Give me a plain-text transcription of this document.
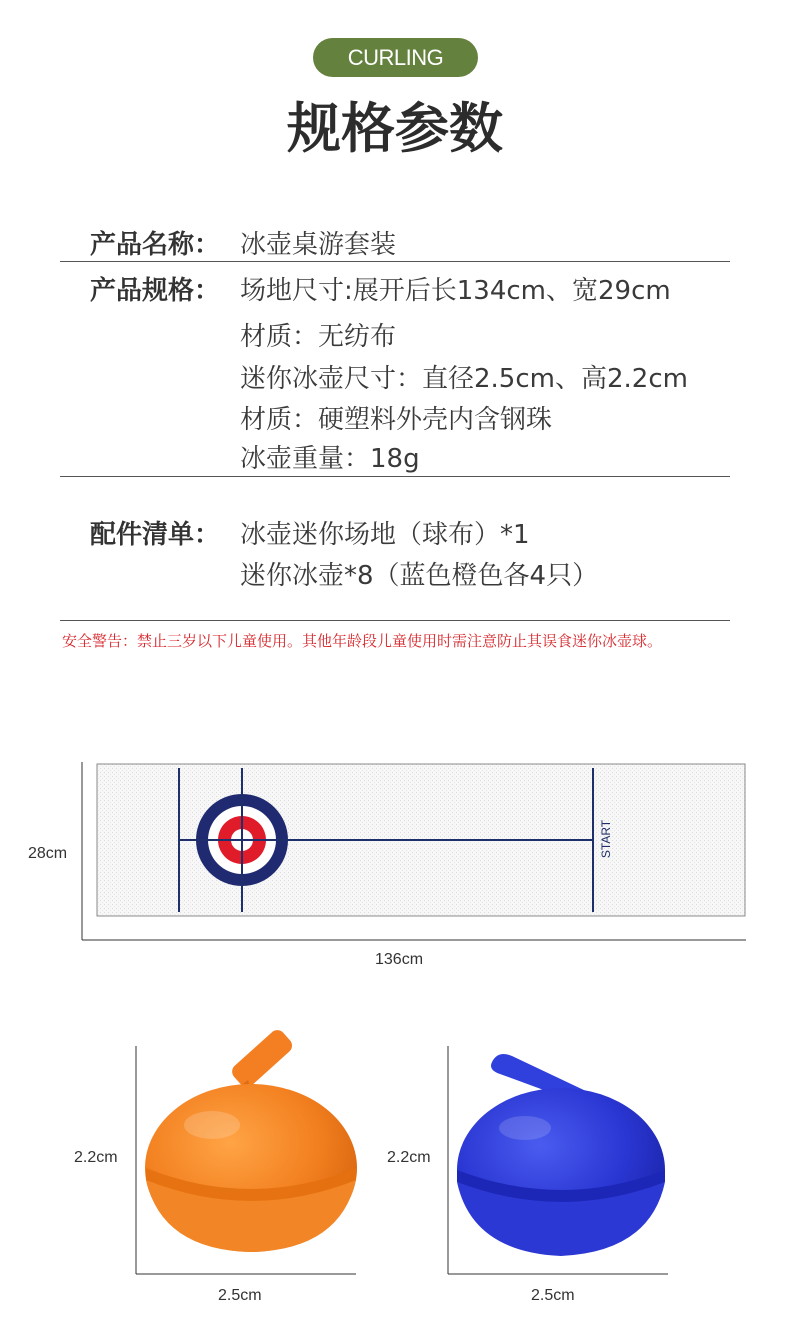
CURLING
规格参数
产品名称： 冰壶桌游套装
产品规格： 场地尺寸:展开后长134cm、宽29cm
材质：无纺布
迷你冰壶尺寸：直径2.5cm、高2.2cm
材质：硬塑料外壳内含钢珠
冰壶重量：18g
配件清单： 冰壶迷你场地（球布）*1
迷你冰壶*8（蓝色橙色各4只）
安全警告：禁止三岁以下儿童使用。其他年龄段儿童使用时需注意防止其误食迷你冰壶球。
START
28cm
136cm
2.2cm
2.5cm
2.2cm
2.5cm
